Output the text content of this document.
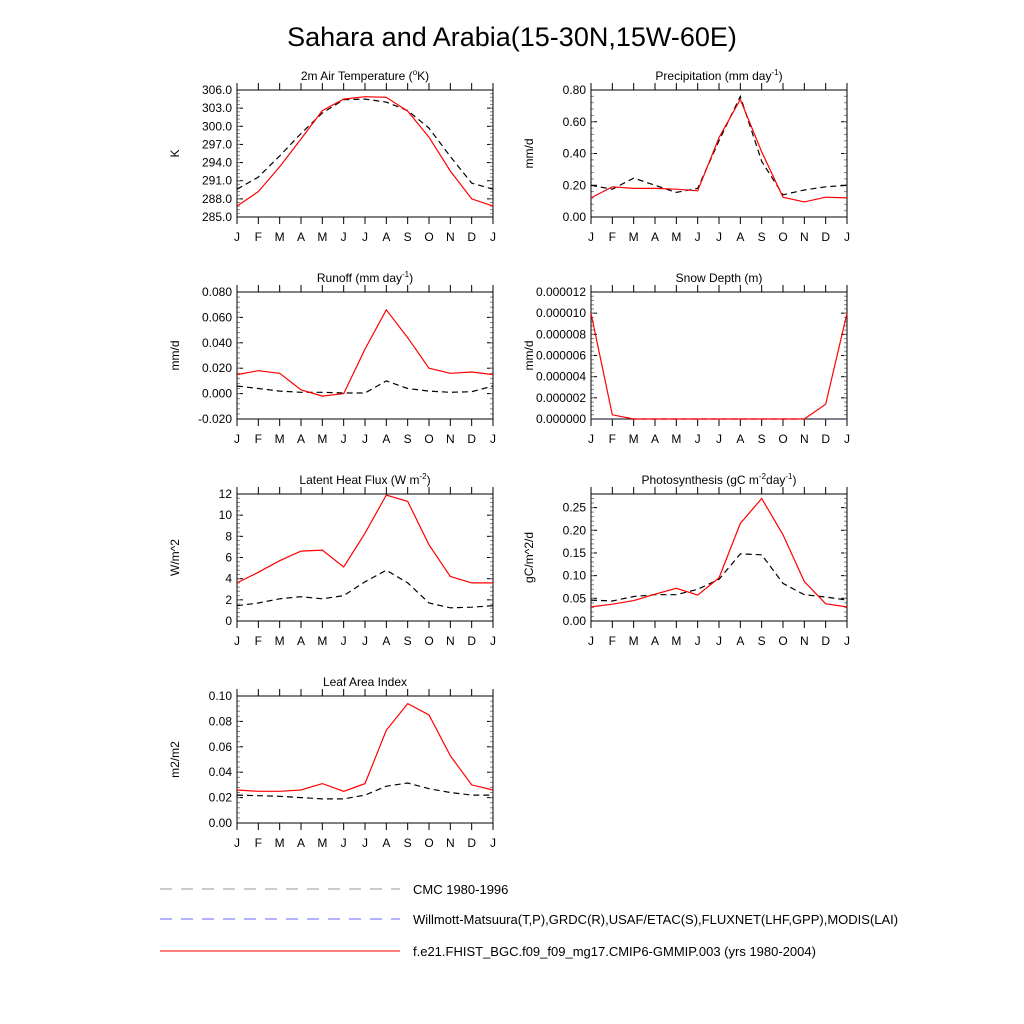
Sahara and Arabia(15-30N,15W-60E)
2m Air Temperature ($^o$K)
K
285.0
288.0
291.0
294.0
297.0
300.0
303.0
306.0
J F M A M J J A S O N D J
Precipitation (mm day$^{-1}$)
mm/d
0.00
0.20
0.40
0.60
0.80
J F M A M J J A S O N D J
Runoff (mm day$^{-1}$)
mm/d
-0.020
0.000
0.020
0.040
0.060
0.080
J F M A M J J A S O N D J
Snow Depth (m)
mm/d
0.000000
0.000002
0.000004
0.000006
0.000008
0.000010
0.000012
J F M A M J J A S O N D J
Latent Heat Flux (W $m^{-2}$)
W/m^2
0
2
4
6
8
10
12
J F M A M J J A S O N D J
Photosynthesis (gC $m^{-2}day^{-1}$)
gC/m^2/d
0.00
0.05
0.10
0.15
0.20
0.25
J F M A M J J A S O N D J
Leaf Area Index
m2/m2
0.00
0.02
0.04
0.06
0.08
0.10
J F M A M J J A S O N D J
CMC 1980-1996
Willmott-Matsuura(T,P),GRDC(R),USAF/ETAC(S),FLUXNET(LHF,GPP),MODIS(LAI)
f.e21.FHIST_BGC.f09_f09_mg17.CMIP6-GMMIP.003 (yrs 1980-2004)
